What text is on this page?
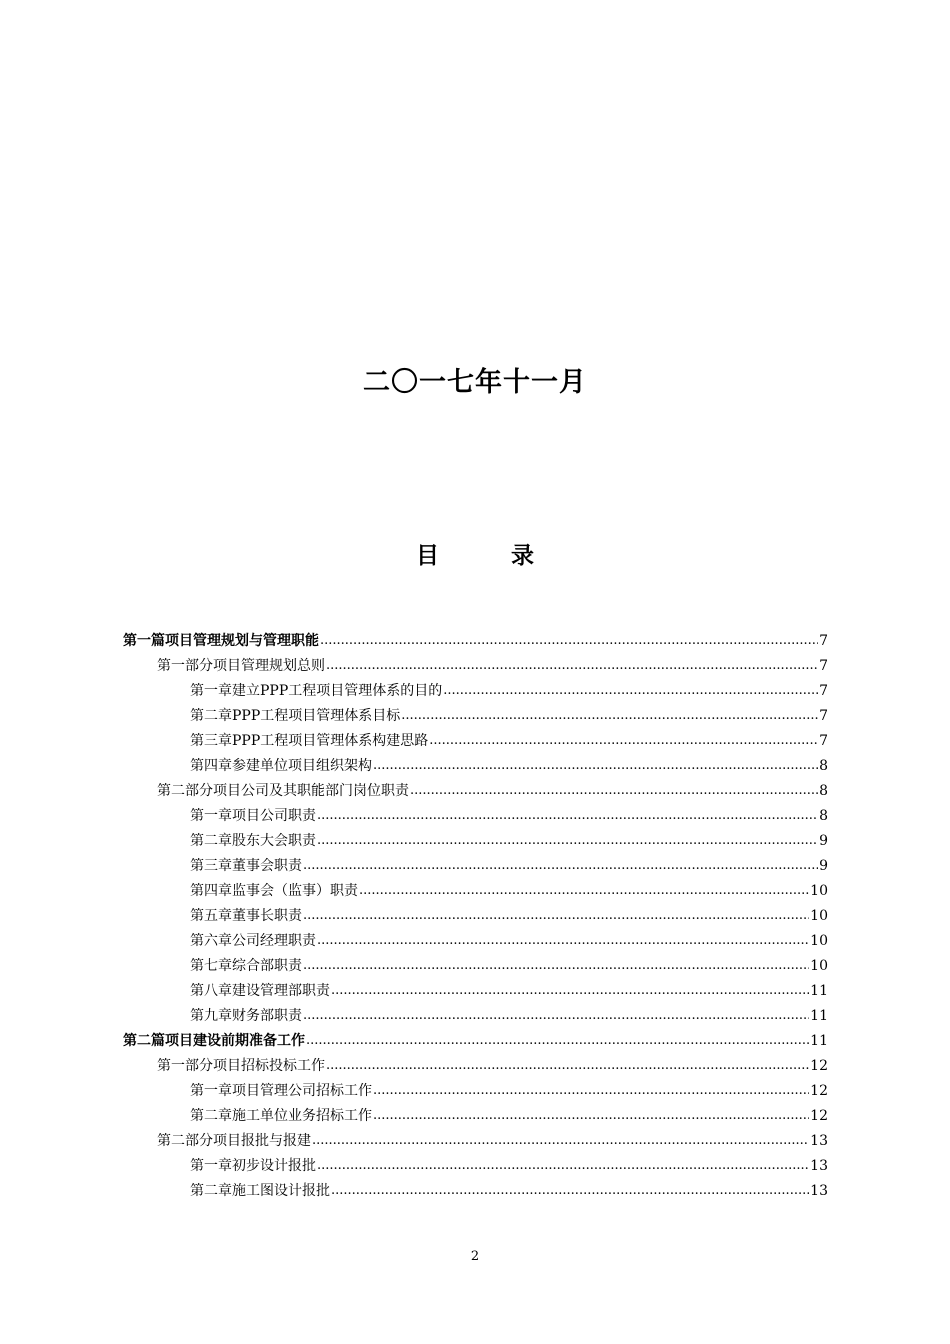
二〇一七年十一月
目 录
第一篇 项目管理规划与管理职能 .....	7
第一部分 项目管理规划总则 .....	7
第一章 建立PPP工程项目管理体系的目的 .....	7
第二章 PPP工程项目管理体系目标 .....	7
第三章 PPP工程项目管理体系构建思路 .....	7
第四章 参建单位项目组织架构 .....	8
第二部分 项目公司及其职能部门岗位职责 .....	8
第一章 项目公司职责 .....	8
第二章 股东大会职责 .....	9
第三章 董事会职责 .....	9
第四章 监事会（监事）职责 .....	10
第五章 董事长职责 .....	10
第六章 公司经理职责 .....	10
第七章 综合部职责 .....	10
第八章 建设管理部职责 .....	11
第九章 财务部职责 .....	11
第二篇 项目建设前期准备工作 .....	11
第一部分 项目招标投标工作 .....	12
第一章 项目管理公司招标工作 .....	12
第二章 施工单位业务招标工作 .....	12
第二部分 项目报批与报建 .....	13
第一章 初步设计报批 .....	13
第二章 施工图设计报批 .....	13
2
